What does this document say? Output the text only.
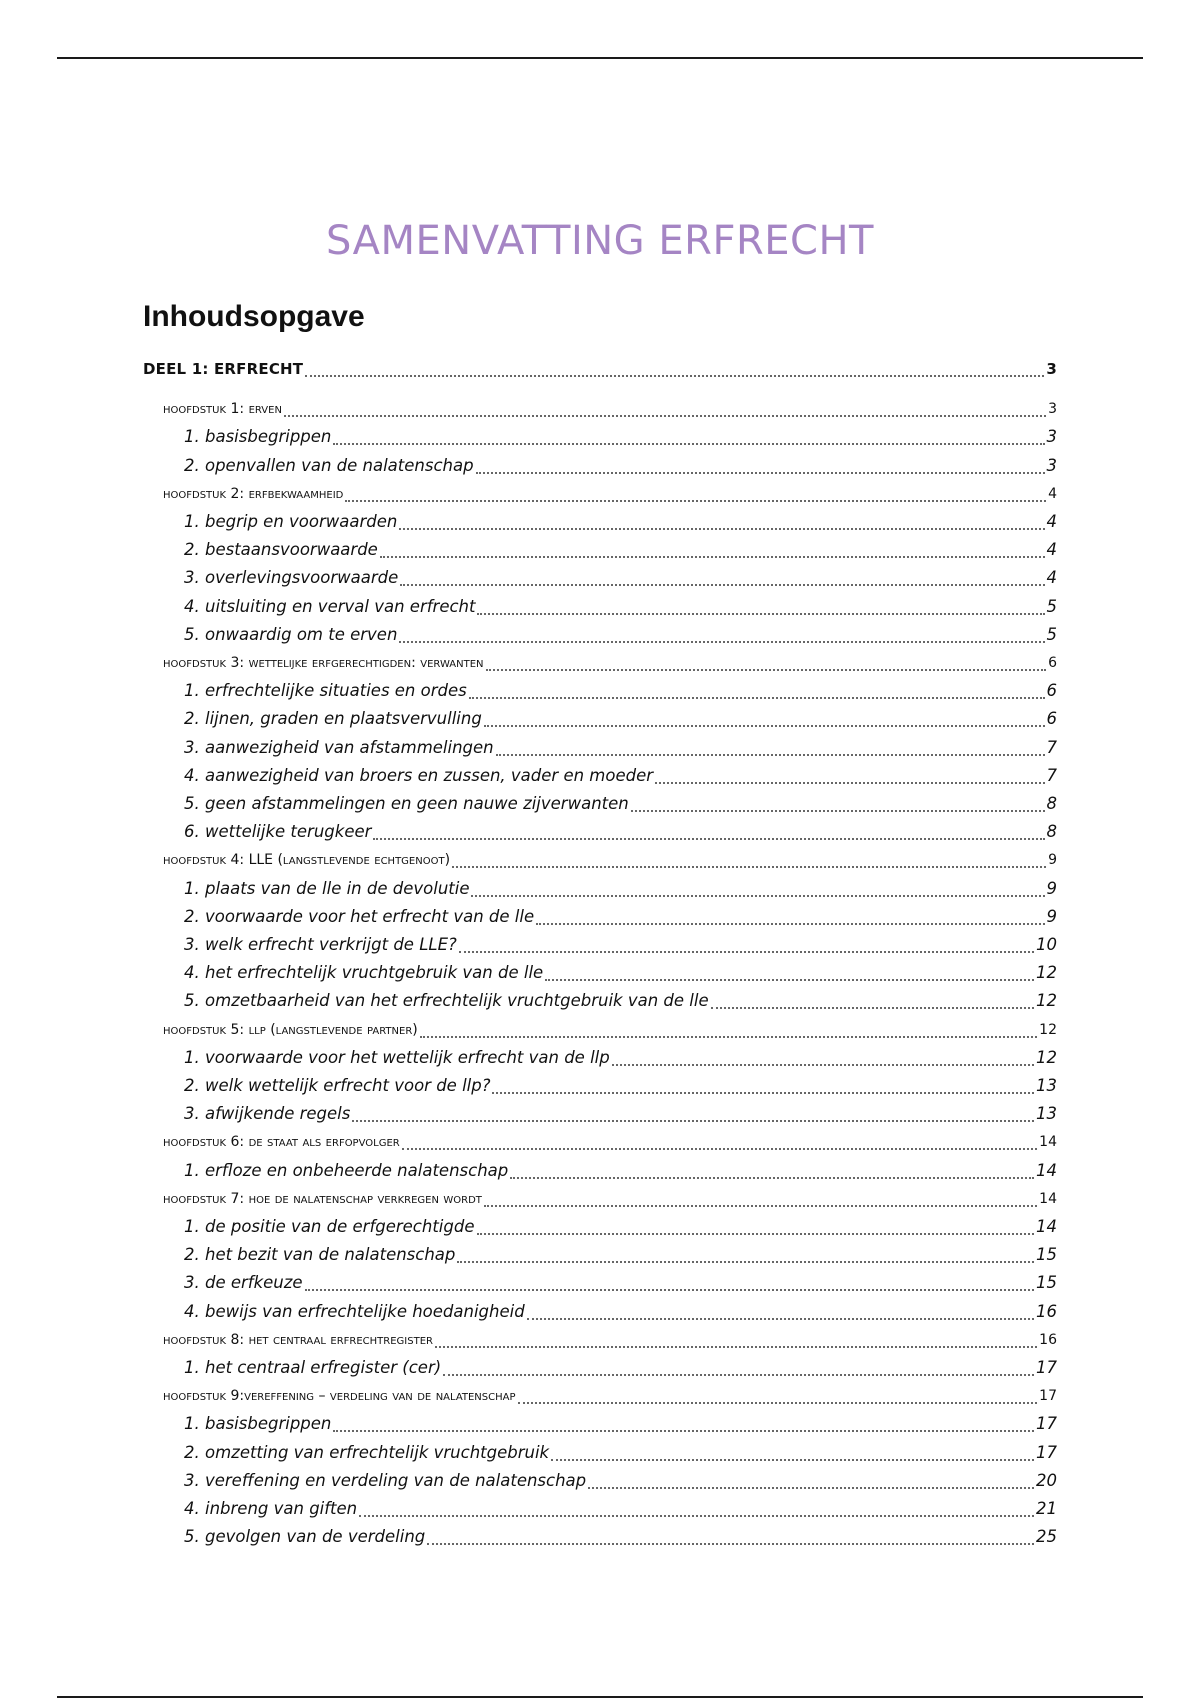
SAMENVATTING ERFRECHT
Inhoudsopgave
DEEL 1: ERFRECHT	3
hoofdstuk 1: erven	3
1. basisbegrippen	3
2. openvallen van de nalatenschap	3
hoofdstuk 2: erfbekwaamheid	4
1. begrip en voorwaarden	4
2. bestaansvoorwaarde	4
3. overlevingsvoorwaarde	4
4. uitsluiting en verval van erfrecht	5
5. onwaardig om te erven	5
hoofdstuk 3: wettelijke erfgerechtigden: verwanten	6
1. erfrechtelijke situaties en ordes	6
2. lijnen, graden en plaatsvervulling	6
3. aanwezigheid van afstammelingen	7
4. aanwezigheid van broers en zussen, vader en moeder	7
5. geen afstammelingen en geen nauwe zijverwanten	8
6. wettelijke terugkeer	8
hoofdstuk 4: LLE (langstlevende echtgenoot)	9
1. plaats van de lle in de devolutie	9
2. voorwaarde voor het erfrecht van de lle	9
3. welk erfrecht verkrijgt de LLE?	10
4. het erfrechtelijk vruchtgebruik van de lle	12
5. omzetbaarheid van het erfrechtelijk vruchtgebruik van de lle	12
hoofdstuk 5: llp (langstlevende partner)	12
1. voorwaarde voor het wettelijk erfrecht van de llp	12
2. welk wettelijk erfrecht voor de llp?	13
3. afwijkende regels	13
hoofdstuk 6: de staat als erfopvolger	14
1. erfloze en onbeheerde nalatenschap	14
hoofdstuk 7: hoe de nalatenschap verkregen wordt	14
1. de positie van de erfgerechtigde	14
2. het bezit van de nalatenschap	15
3. de erfkeuze	15
4. bewijs van erfrechtelijke hoedanigheid	16
hoofdstuk 8: het centraal erfrechtregister	16
1. het centraal erfregister (cer)	17
hoofdstuk 9:vereffening – verdeling van de nalatenschap	17
1. basisbegrippen	17
2. omzetting van erfrechtelijk vruchtgebruik	17
3. vereffening en verdeling van de nalatenschap	20
4. inbreng van giften	21
5. gevolgen van de verdeling	25
